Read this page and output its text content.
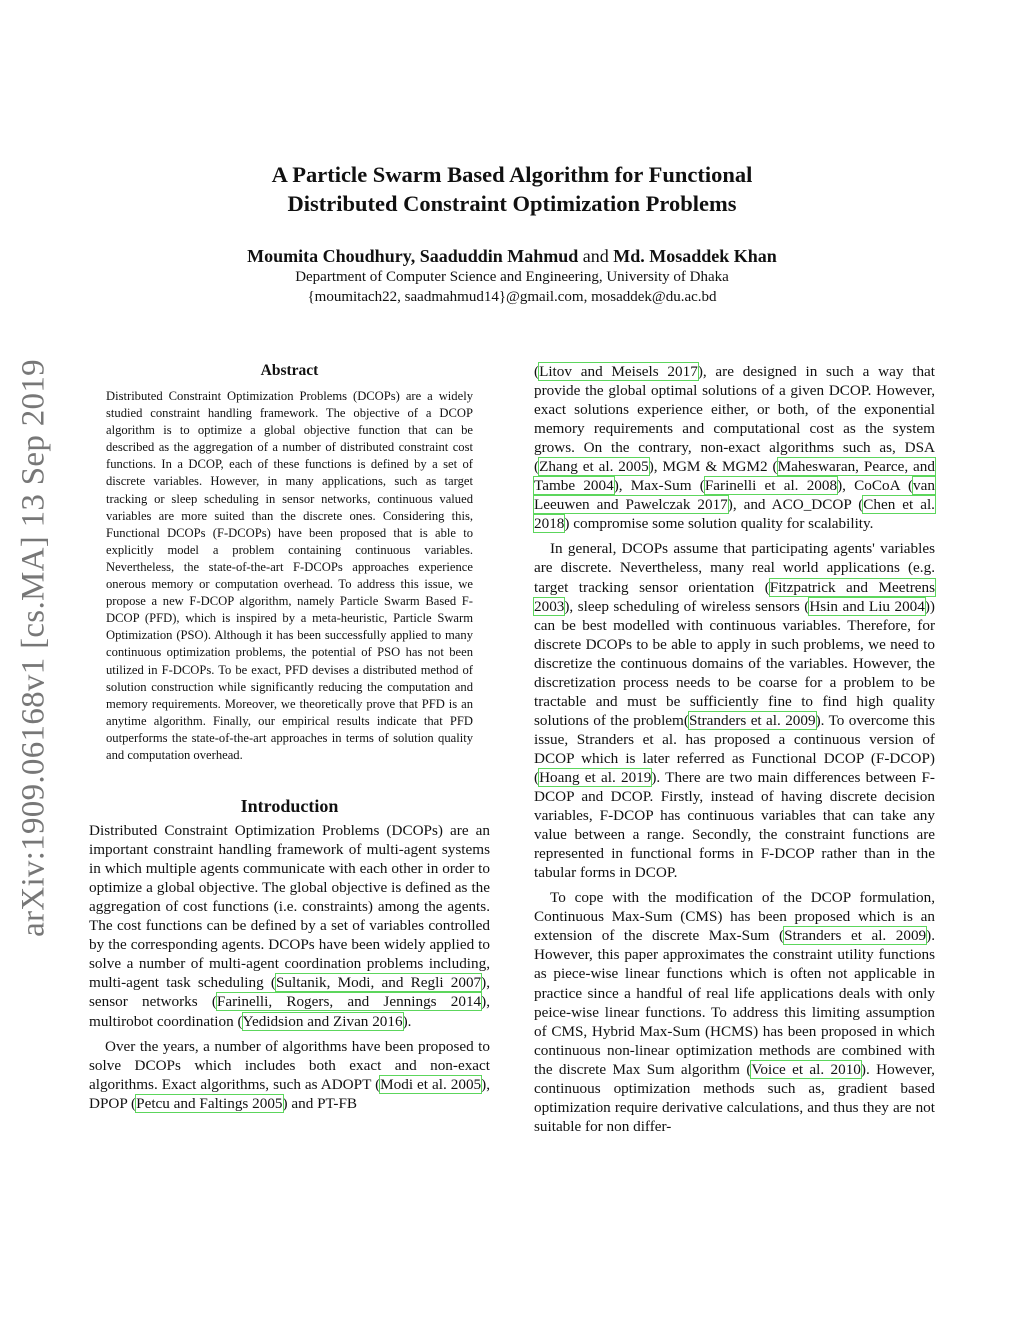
arXiv:1909.06168v1 [cs.MA] 13 Sep 2019
A Particle Swarm Based Algorithm for Functional
Distributed Constraint Optimization Problems
Moumita Choudhury, Saaduddin Mahmud and Md. Mosaddek Khan
Department of Computer Science and Engineering, University of Dhaka
{moumitach22, saadmahmud14}@gmail.com, mosaddek@du.ac.bd
Abstract

Distributed Constraint Optimization Problems (DCOPs) are a widely studied constraint handling framework. The objective of a DCOP algorithm is to optimize a global objective function that can be described as the aggregation of a number of distributed constraint cost functions. In a DCOP, each of these functions is defined by a set of discrete variables. However, in many applications, such as target tracking or sleep scheduling in sensor networks, continuous valued variables are more suited than the discrete ones. Considering this, Functional DCOPs (F-DCOPs) have been proposed that is able to explicitly model a problem containing continuous variables. Nevertheless, the state-of-the-art F-DCOPs approaches experience onerous memory or computation overhead. To address this issue, we propose a new F-DCOP algorithm, namely Particle Swarm Based F-DCOP (PFD), which is inspired by a meta-heuristic, Particle Swarm Optimization (PSO). Although it has been successfully applied to many continuous optimization problems, the potential of PSO has not been utilized in F-DCOPs. To be exact, PFD devises a distributed method of solution construction while significantly reducing the computation and memory requirements. Moreover, we theoretically prove that PFD is an anytime algorithm. Finally, our empirical results indicate that PFD outperforms the state-of-the-art approaches in terms of solution quality and computation overhead.

Introduction

Distributed Constraint Optimization Problems (DCOPs) are an important constraint handling framework of multi-agent systems in which multiple agents communicate with each other in order to optimize a global objective. The global objective is defined as the aggregation of cost functions (i.e. constraints) among the agents. The cost functions can be defined by a set of variables controlled by the corresponding agents. DCOPs have been widely applied to solve a number of multi-agent coordination problems including, multi-agent task scheduling (Sultanik, Modi, and Regli 2007), sensor networks (Farinelli, Rogers, and Jennings 2014), multirobot coordination (Yedidsion and Zivan 2016).

Over the years, a number of algorithms have been proposed to solve DCOPs which includes both exact and non-exact algorithms. Exact algorithms, such as ADOPT (Modi et al. 2005), DPOP (Petcu and Faltings 2005) and PT-FB

(Litov and Meisels 2017), are designed in such a way that provide the global optimal solutions of a given DCOP. However, exact solutions experience either, or both, of the exponential memory requirements and computational cost as the system grows. On the contrary, non-exact algorithms such as, DSA (Zhang et al. 2005), MGM & MGM2 (Maheswaran, Pearce, and Tambe 2004), Max-Sum (Farinelli et al. 2008), CoCoA (van Leeuwen and Pawelczak 2017), and ACO_DCOP (Chen et al. 2018) compromise some solution quality for scalability.

In general, DCOPs assume that participating agents' variables are discrete. Nevertheless, many real world applications (e.g. target tracking sensor orientation (Fitzpatrick and Meetrens 2003), sleep scheduling of wireless sensors (Hsin and Liu 2004)) can be best modelled with continuous variables. Therefore, for discrete DCOPs to be able to apply in such problems, we need to discretize the continuous domains of the variables. However, the discretization process needs to be coarse for a problem to be tractable and must be sufficiently fine to find high quality solutions of the problem(Stranders et al. 2009). To overcome this issue, Stranders et al. has proposed a continuous version of DCOP which is later referred as Functional DCOP (F-DCOP) (Hoang et al. 2019). There are two main differences between F-DCOP and DCOP. Firstly, instead of having discrete decision variables, F-DCOP has continuous variables that can take any value between a range. Secondly, the constraint functions are represented in functional forms in F-DCOP rather than in the tabular forms in DCOP.

To cope with the modification of the DCOP formulation, Continuous Max-Sum (CMS) has been proposed which is an extension of the discrete Max-Sum (Stranders et al. 2009). However, this paper approximates the constraint utility functions as piece-wise linear functions which is often not applicable in practice since a handful of real life applications deals with only peice-wise linear functions. To address this limiting assumption of CMS, Hybrid Max-Sum (HCMS) has been proposed in which continuous non-linear optimization methods are combined with the discrete Max Sum algorithm (Voice et al. 2010). However, continuous optimization methods such as, gradient based optimization require derivative calculations, and thus they are not suitable for non differ-
